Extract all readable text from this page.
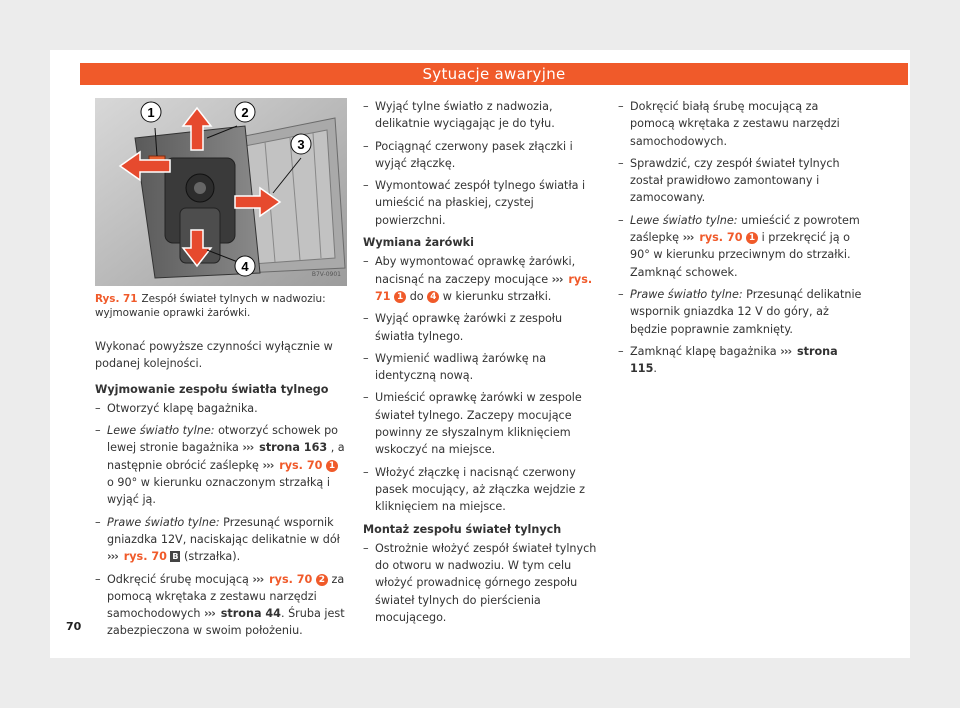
Sytuacje awaryjne
1	2
3
4
B7V-0901
Rys. 71 Zespół świateł tylnych w nadwoziu: wyjmowanie oprawki żarówki.

Wykonać powyższe czynności wyłącznie w podanej kolejności.

Wyjmowanie zespołu światła tylnego

– Otworzyć klapę bagażnika.
– Lewe światło tylne: otworzyć schowek po lewej stronie bagażnika ››› strona 163 , a następnie obrócić zaślepkę ››› rys. 70 1 o 90° w kierunku oznaczonym strzałką i wyjąć ją.
– Prawe światło tylne: Przesunąć wspornik gniazdka 12V, naciskając delikatnie w dół ››› rys. 70 B (strzałka).
– Odkręcić śrubę mocującą ››› rys. 70 2 za pomocą wkrętaka z zestawu narzędzi samochodowych ››› strona 44. Śruba jest zabezpieczona w swoim położeniu.
– Wyjąć tylne światło z nadwozia, delikatnie wyciągając je do tyłu.
– Pociągnąć czerwony pasek złączki i wyjąć złączkę.
– Wymontować zespół tylnego światła i umieścić na płaskiej, czystej powierzchni.

Wymiana żarówki

– Aby wymontować oprawkę żarówki, nacisnąć na zaczepy mocujące ››› rys. 71 1 do 4 w kierunku strzałki.
– Wyjąć oprawkę żarówki z zespołu światła tylnego.
– Wymienić wadliwą żarówkę na identyczną nową.
– Umieścić oprawkę żarówki w zespole świateł tylnego. Zaczepy mocujące powinny ze słyszalnym kliknięciem wskoczyć na miejsce.
– Włożyć złączkę i nacisnąć czerwony pasek mocujący, aż złączka wejdzie z kliknięciem na miejsce.

Montaż zespołu świateł tylnych

– Ostrożnie włożyć zespół świateł tylnych do otworu w nadwoziu. W tym celu włożyć prowadnicę górnego zespołu świateł tylnych do pierścienia mocującego.
– Dokręcić białą śrubę mocującą za pomocą wkrętaka z zestawu narzędzi samochodowych.
– Sprawdzić, czy zespół świateł tylnych został prawidłowo zamontowany i zamocowany.
– Lewe światło tylne: umieścić z powrotem zaślepkę ››› rys. 70 1 i przekręcić ją o 90° w kierunku przeciwnym do strzałki. Zamknąć schowek.
– Prawe światło tylne: Przesunąć delikatnie wspornik gniazdka 12 V do góry, aż będzie poprawnie zamknięty.
– Zamknąć klapę bagażnika ››› strona 115.
70
